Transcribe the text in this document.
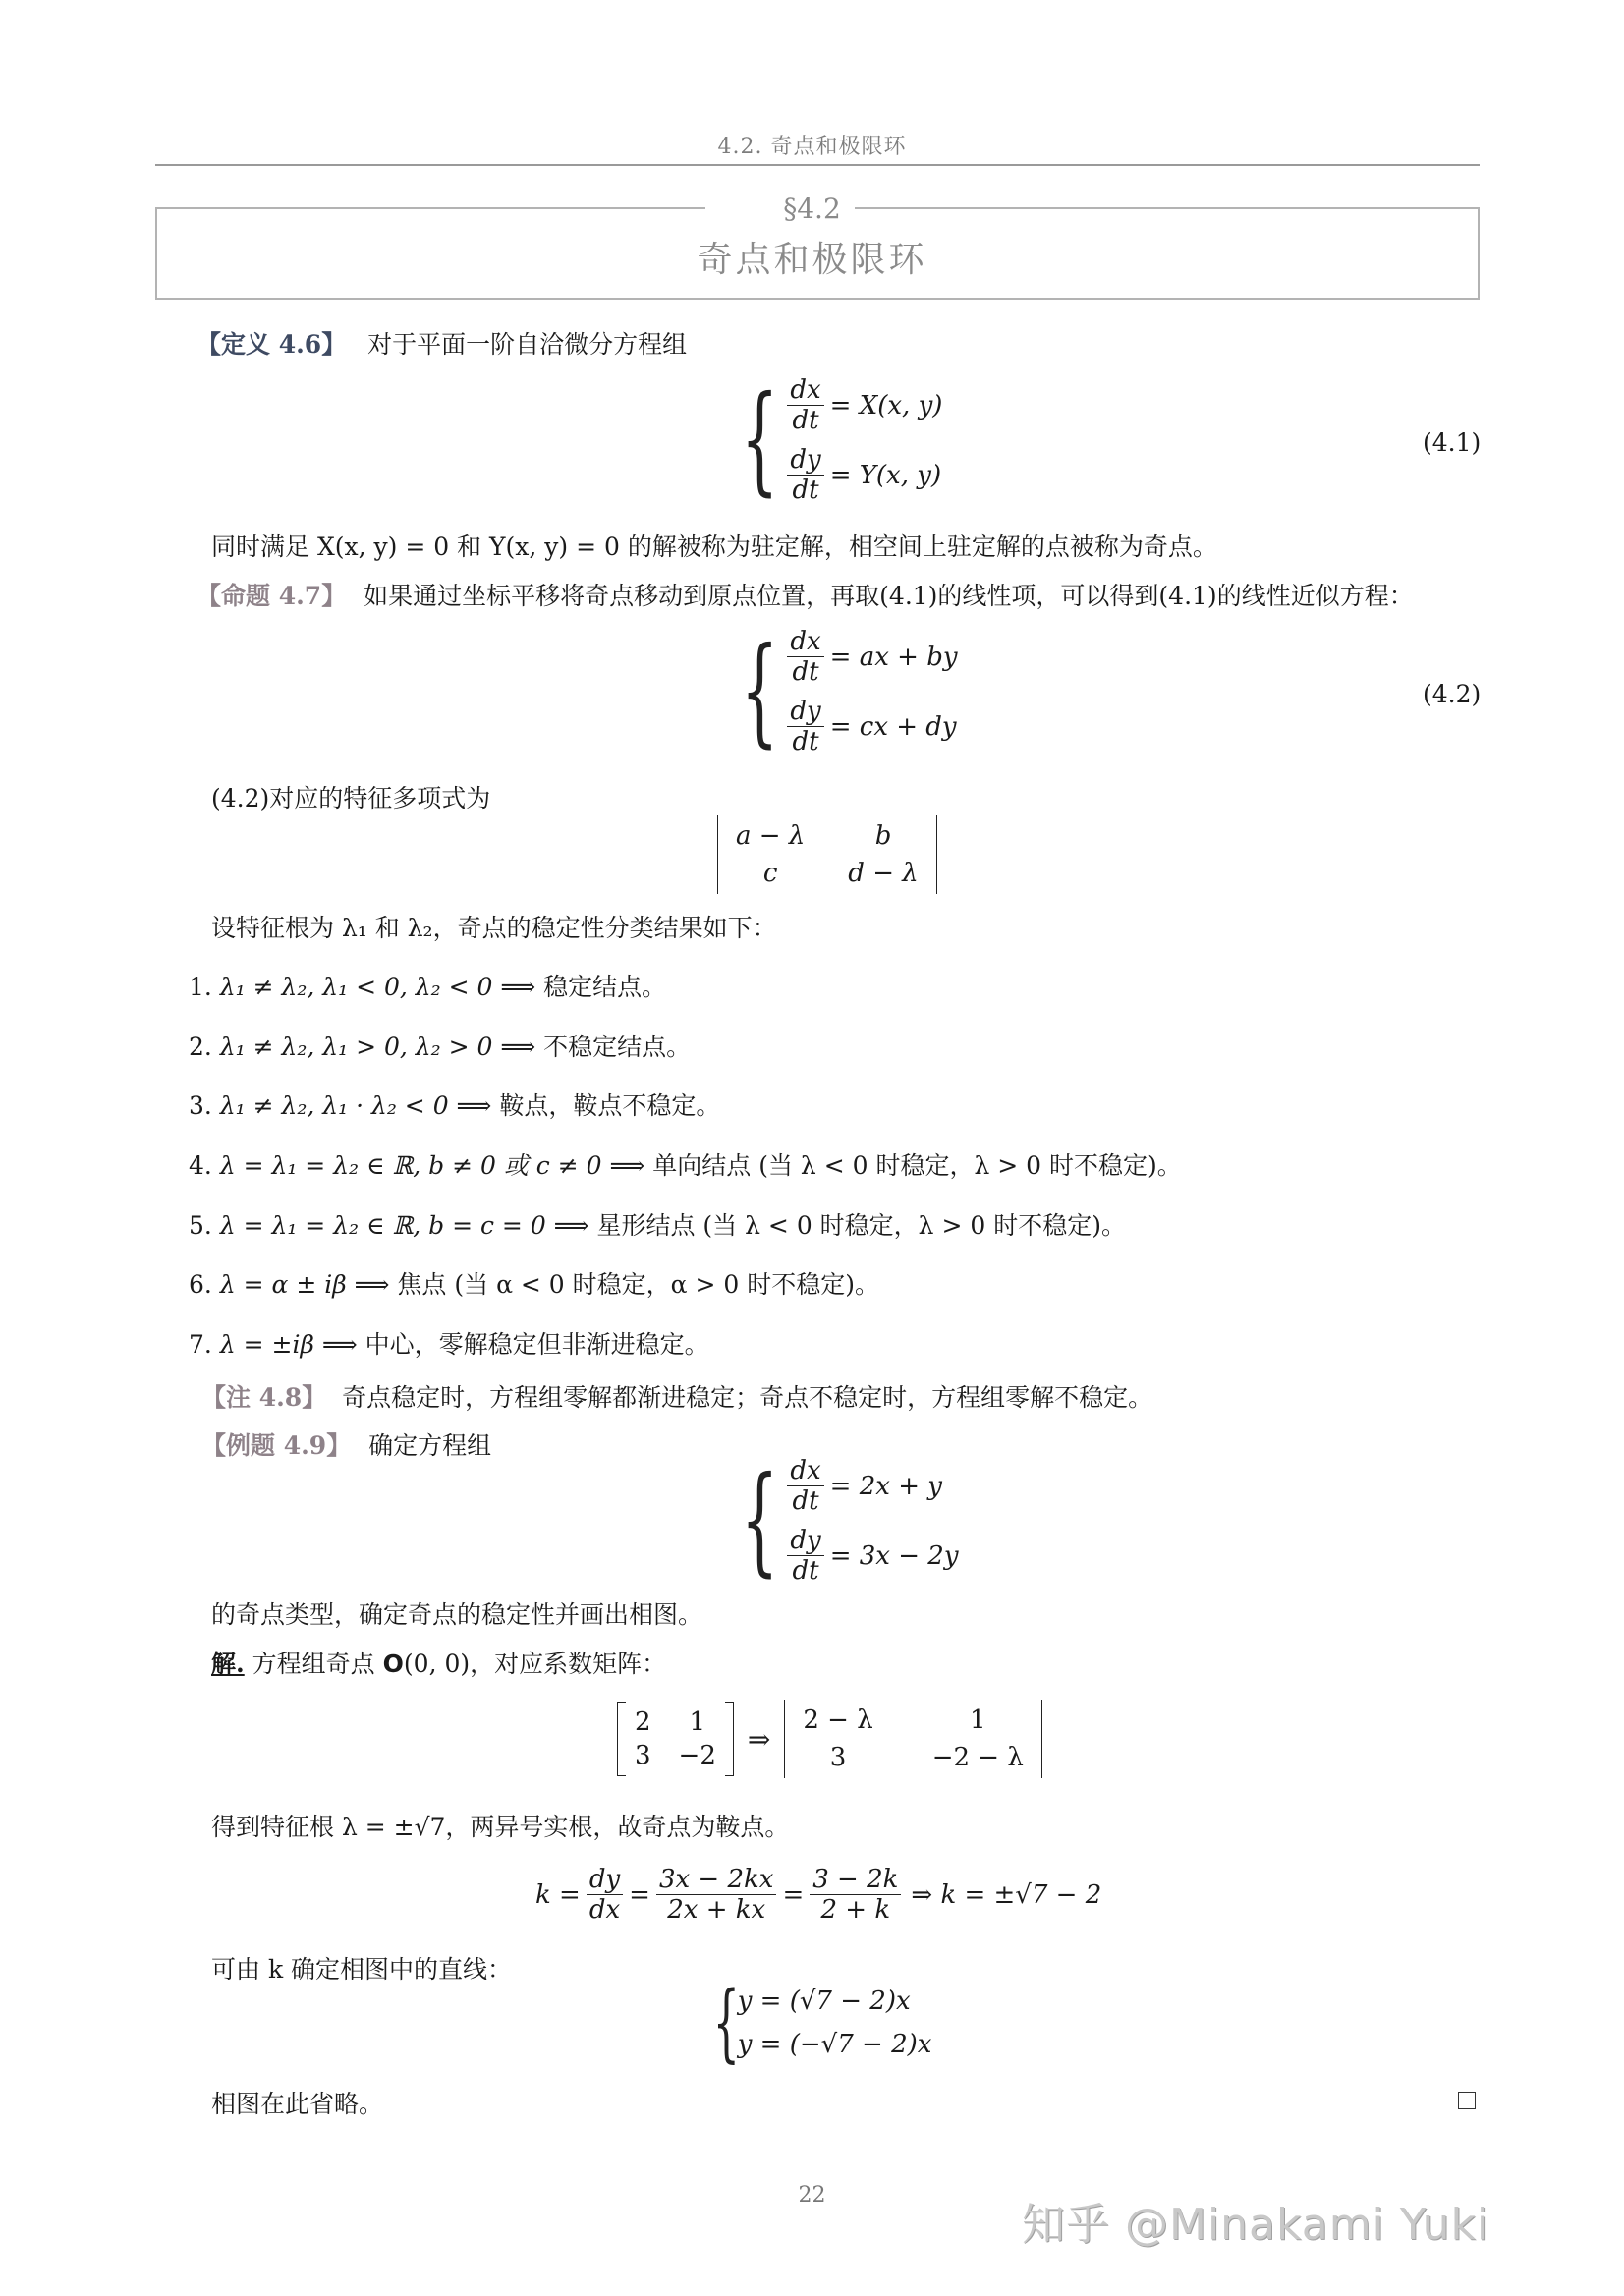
4.2. 奇点和极限环
§4.2
奇点和极限环
【定义 4.6】 对于平面一阶自洽微分方程组
{ $\frac{dx}{dt} = X(x$, y)
$\frac{dy}{dt} = Y(x$, y)
(4.1)
同时满足 X(x, y) = 0 和 Y(x, y) = 0 的解被称为驻定解，相空间上驻定解的点被称为奇点。
【命题 4.7】 如果通过坐标平移将奇点移动到原点位置，再取(4.1)的线性项，可以得到(4.1)的线性近似方程：
{ $\frac{dx}{dt}$ = ax + by
$\frac{dy}{dt}$ = cx + dy
(4.2)
(4.2)对应的特征多项式为
a − λ	b
c	d − λ
设特征根为 λ₁ 和 λ₂，奇点的稳定性分类结果如下：
1. λ₁ ≠ λ₂, λ₁ < 0, λ₂ < 0 ⟹ 稳定结点。
2. λ₁ ≠ λ₂, λ₁ > 0, λ₂ > 0 ⟹ 不稳定结点。
3. λ₁ ≠ λ₂, λ₁ · λ₂ < 0 ⟹ 鞍点，鞍点不稳定。
4. λ = λ₁ = λ₂ ∈ ℝ, b ≠ 0 或 c ≠ 0 ⟹ 单向结点 (当 λ < 0 时稳定，λ > 0 时不稳定)。
5. λ = λ₁ = λ₂ ∈ ℝ, b = c = 0 ⟹ 星形结点 (当 λ < 0 时稳定，λ > 0 时不稳定)。
6. λ = α ± iβ ⟹ 焦点 (当 α < 0 时稳定，α > 0 时不稳定)。
7. λ = ±iβ ⟹ 中心，零解稳定但非渐进稳定。
【注 4.8】 奇点稳定时，方程组零解都渐进稳定；奇点不稳定时，方程组零解不稳定。
【例题 4.9】 确定方程组
{ $\frac{dx}{dt} = 2x + y$
$\frac{dy}{dt} = 3x - 2y$
的奇点类型，确定奇点的稳定性并画出相图。
解. 方程组奇点 O(0, 0)，对应系数矩阵：
2	1
3 −2
⇒
2 − λ	1
3	−2 − λ
得到特征根 λ = ±√7，两异号实根，故奇点为鞍点。
$k = \frac{dy}{dx} = \frac{3x - 2kx}{2x + kx} = \frac{3 - 2k}{2 + k}$ ⇒ k = ±√7 − 2
可由 k 确定相图中的直线：
{
y = (√7 − 2)x
y = (−√7 − 2)x
相图在此省略。
22
知乎 @Minakami Yuki
